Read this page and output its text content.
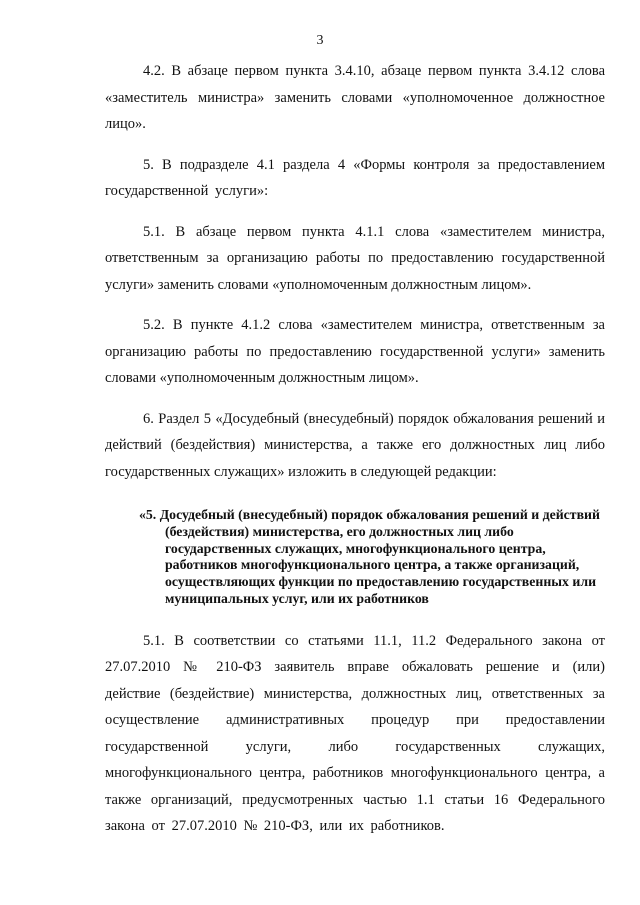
3

4.2. В абзаце первом пункта 3.4.10, абзаце первом пункта 3.4.12 слова «заместитель министра» заменить словами «уполномоченное должностное лицо».

5. В подразделе 4.1 раздела 4 «Формы контроля за предоставлением государственной услуги»:

5.1. В абзаце первом пункта 4.1.1 слова «заместителем министра, ответственным за организацию работы по предоставлению государственной услуги» заменить словами «уполномоченным должностным лицом».

5.2. В пункте 4.1.2 слова «заместителем министра, ответственным за организацию работы по предоставлению государственной услуги» заменить словами «уполномоченным должностным лицом».

6. Раздел 5 «Досудебный (внесудебный) порядок обжалования решений и действий (бездействия) министерства, а также его должностных лиц либо государственных служащих» изложить в следующей редакции:

«5. Досудебный (внесудебный) порядок обжалования решений и действий (бездействия) министерства, его должностных лиц либо государственных служащих, многофункционального центра, работников многофункционального центра, а также организаций, осуществляющих функции по предоставлению государственных или муниципальных услуг, или их работников

5.1. В соответствии со статьями 11.1, 11.2 Федерального закона от 27.07.2010 № 210-ФЗ заявитель вправе обжаловать решение и (или) действие (бездействие) министерства, должностных лиц, ответственных за осуществление административных процедур при предоставлении государственной услуги, либо государственных служащих, многофункционального центра, работников многофункционального центра, а также организаций, предусмотренных частью 1.1 статьи 16 Федерального закона от 27.07.2010 № 210-ФЗ, или их работников.
